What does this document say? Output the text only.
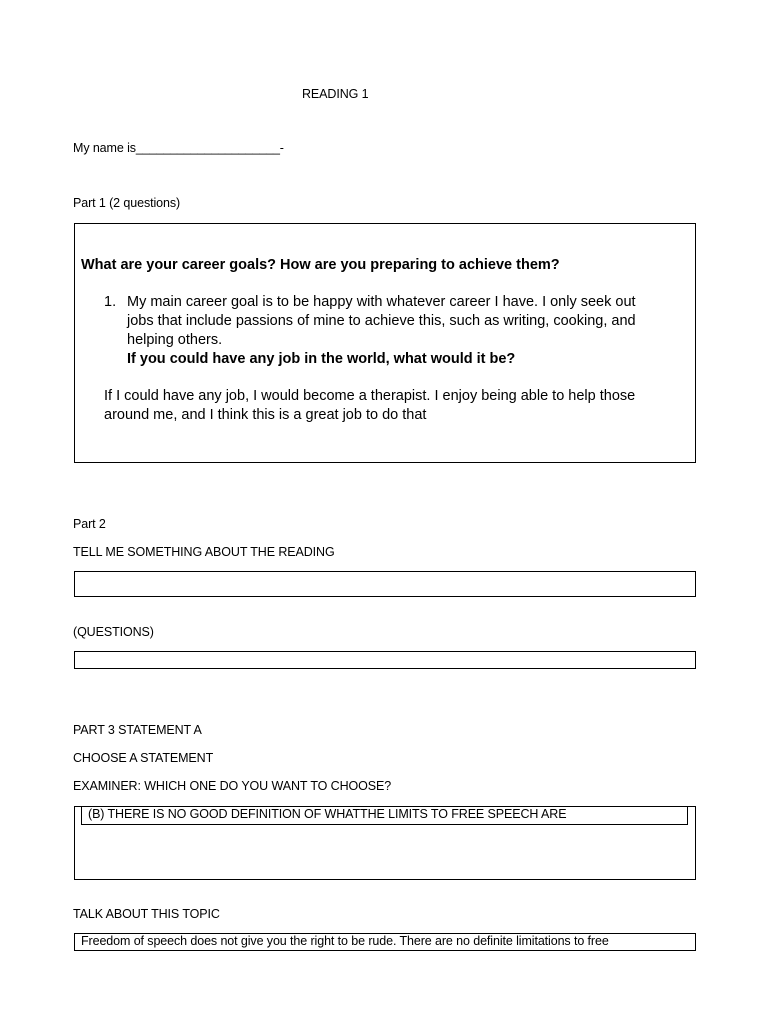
READING 1
My name is_____________________-
Part 1 (2 questions)
What are your career goals? How are you preparing to achieve them?
1. My main career goal is to be happy with whatever career I have. I only seek out
jobs that include passions of mine to achieve this, such as writing, cooking, and
helping others.
If you could have any job in the world, what would it be?
If I could have any job, I would become a therapist. I enjoy being able to help those
around me, and I think this is a great job to do that
Part 2
TELL ME SOMETHING ABOUT THE READING
(QUESTIONS)
PART 3 STATEMENT A
CHOOSE A STATEMENT
EXAMINER: WHICH ONE DO YOU WANT TO CHOOSE?
(B) THERE IS NO GOOD DEFINITION OF WHATTHE LIMITS TO FREE SPEECH ARE
TALK ABOUT THIS TOPIC
Freedom of speech does not give you the right to be rude. There are no definite limitations to free
